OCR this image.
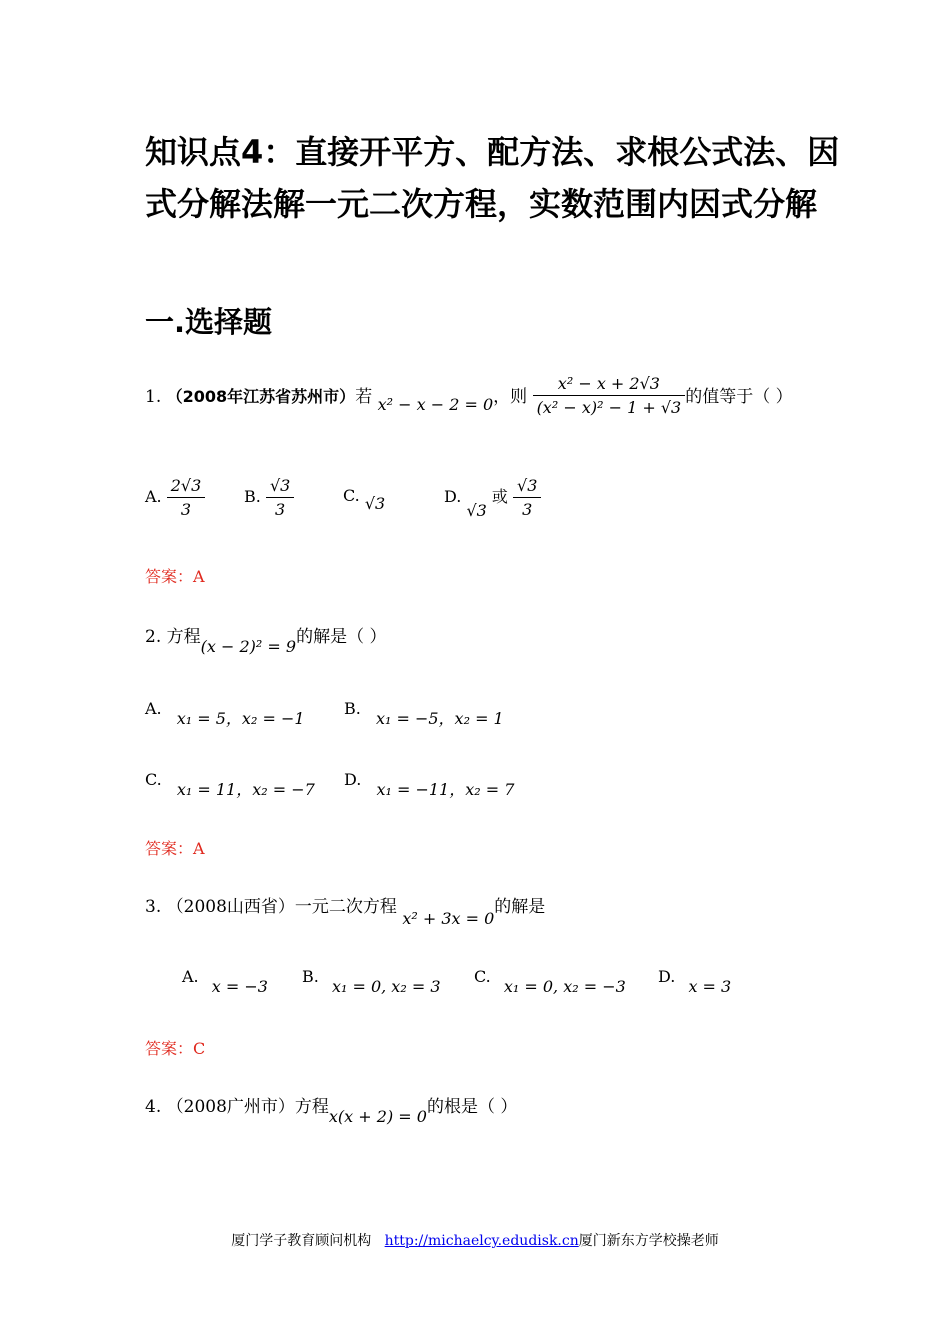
知识点4：直接开平方、配方法、求根公式法、因式分解法解一元二次方程，实数范围内因式分解
一.选择题
1. （2008年江苏省苏州市）若 x² − x − 2 = 0，则 $\frac{\text{x² − x + 2√3}}{\text{(x² − x)² − 1 + √3}}$ 的值等于（ ）
A. $\frac{2√3}{3} B$. $\frac{√3}{3}$	C. √3	D. √3 或 $\frac{√3}{3}$
答案：A
2. 方程(x − 2)² = 9的解是（ ）
A. x₁ = 5，x₂ = −1
B. x₁ = −5，x₂ = 1
C. x₁ = 11，x₂ = −7
D. x₁ = −11，x₂ = 7
答案：A
3. （2008山西省）一元二次方程 x² + 3x = 0的解是
A. x = −3
B. x₁ = 0, x₂ = 3
C. x₁ = 0, x₂ = −3
D. x = 3
答案：C
4. （2008广州市）方程x(x + 2) = 0的根是（ ）
厦门学子教育顾问机构 http://michaelcy.edudisk.cn厦门新东方学校操老师
